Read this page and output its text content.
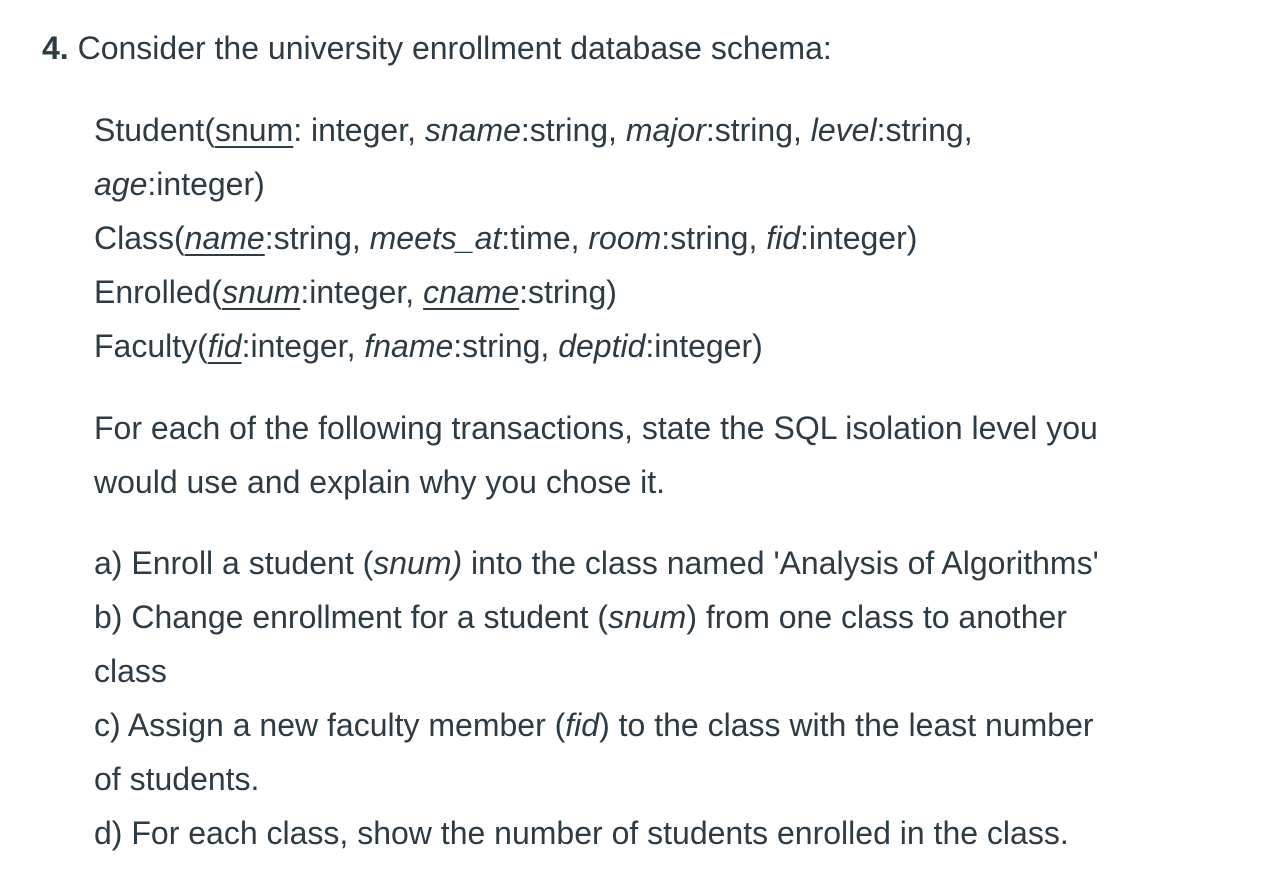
4. Consider the university enrollment database schema:

Student(snum: integer, sname:string, major:string, level:string,

age:integer)

Class(name:string, meets_at:time, room:string, fid:integer)

Enrolled(snum:integer, cname:string)

Faculty(fid:integer, fname:string, deptid:integer)

For each of the following transactions, state the SQL isolation level you

would use and explain why you chose it.

a) Enroll a student (snum) into the class named 'Analysis of Algorithms'

b) Change enrollment for a student (snum) from one class to another

class

c) Assign a new faculty member (fid) to the class with the least number

of students.

d) For each class, show the number of students enrolled in the class.
